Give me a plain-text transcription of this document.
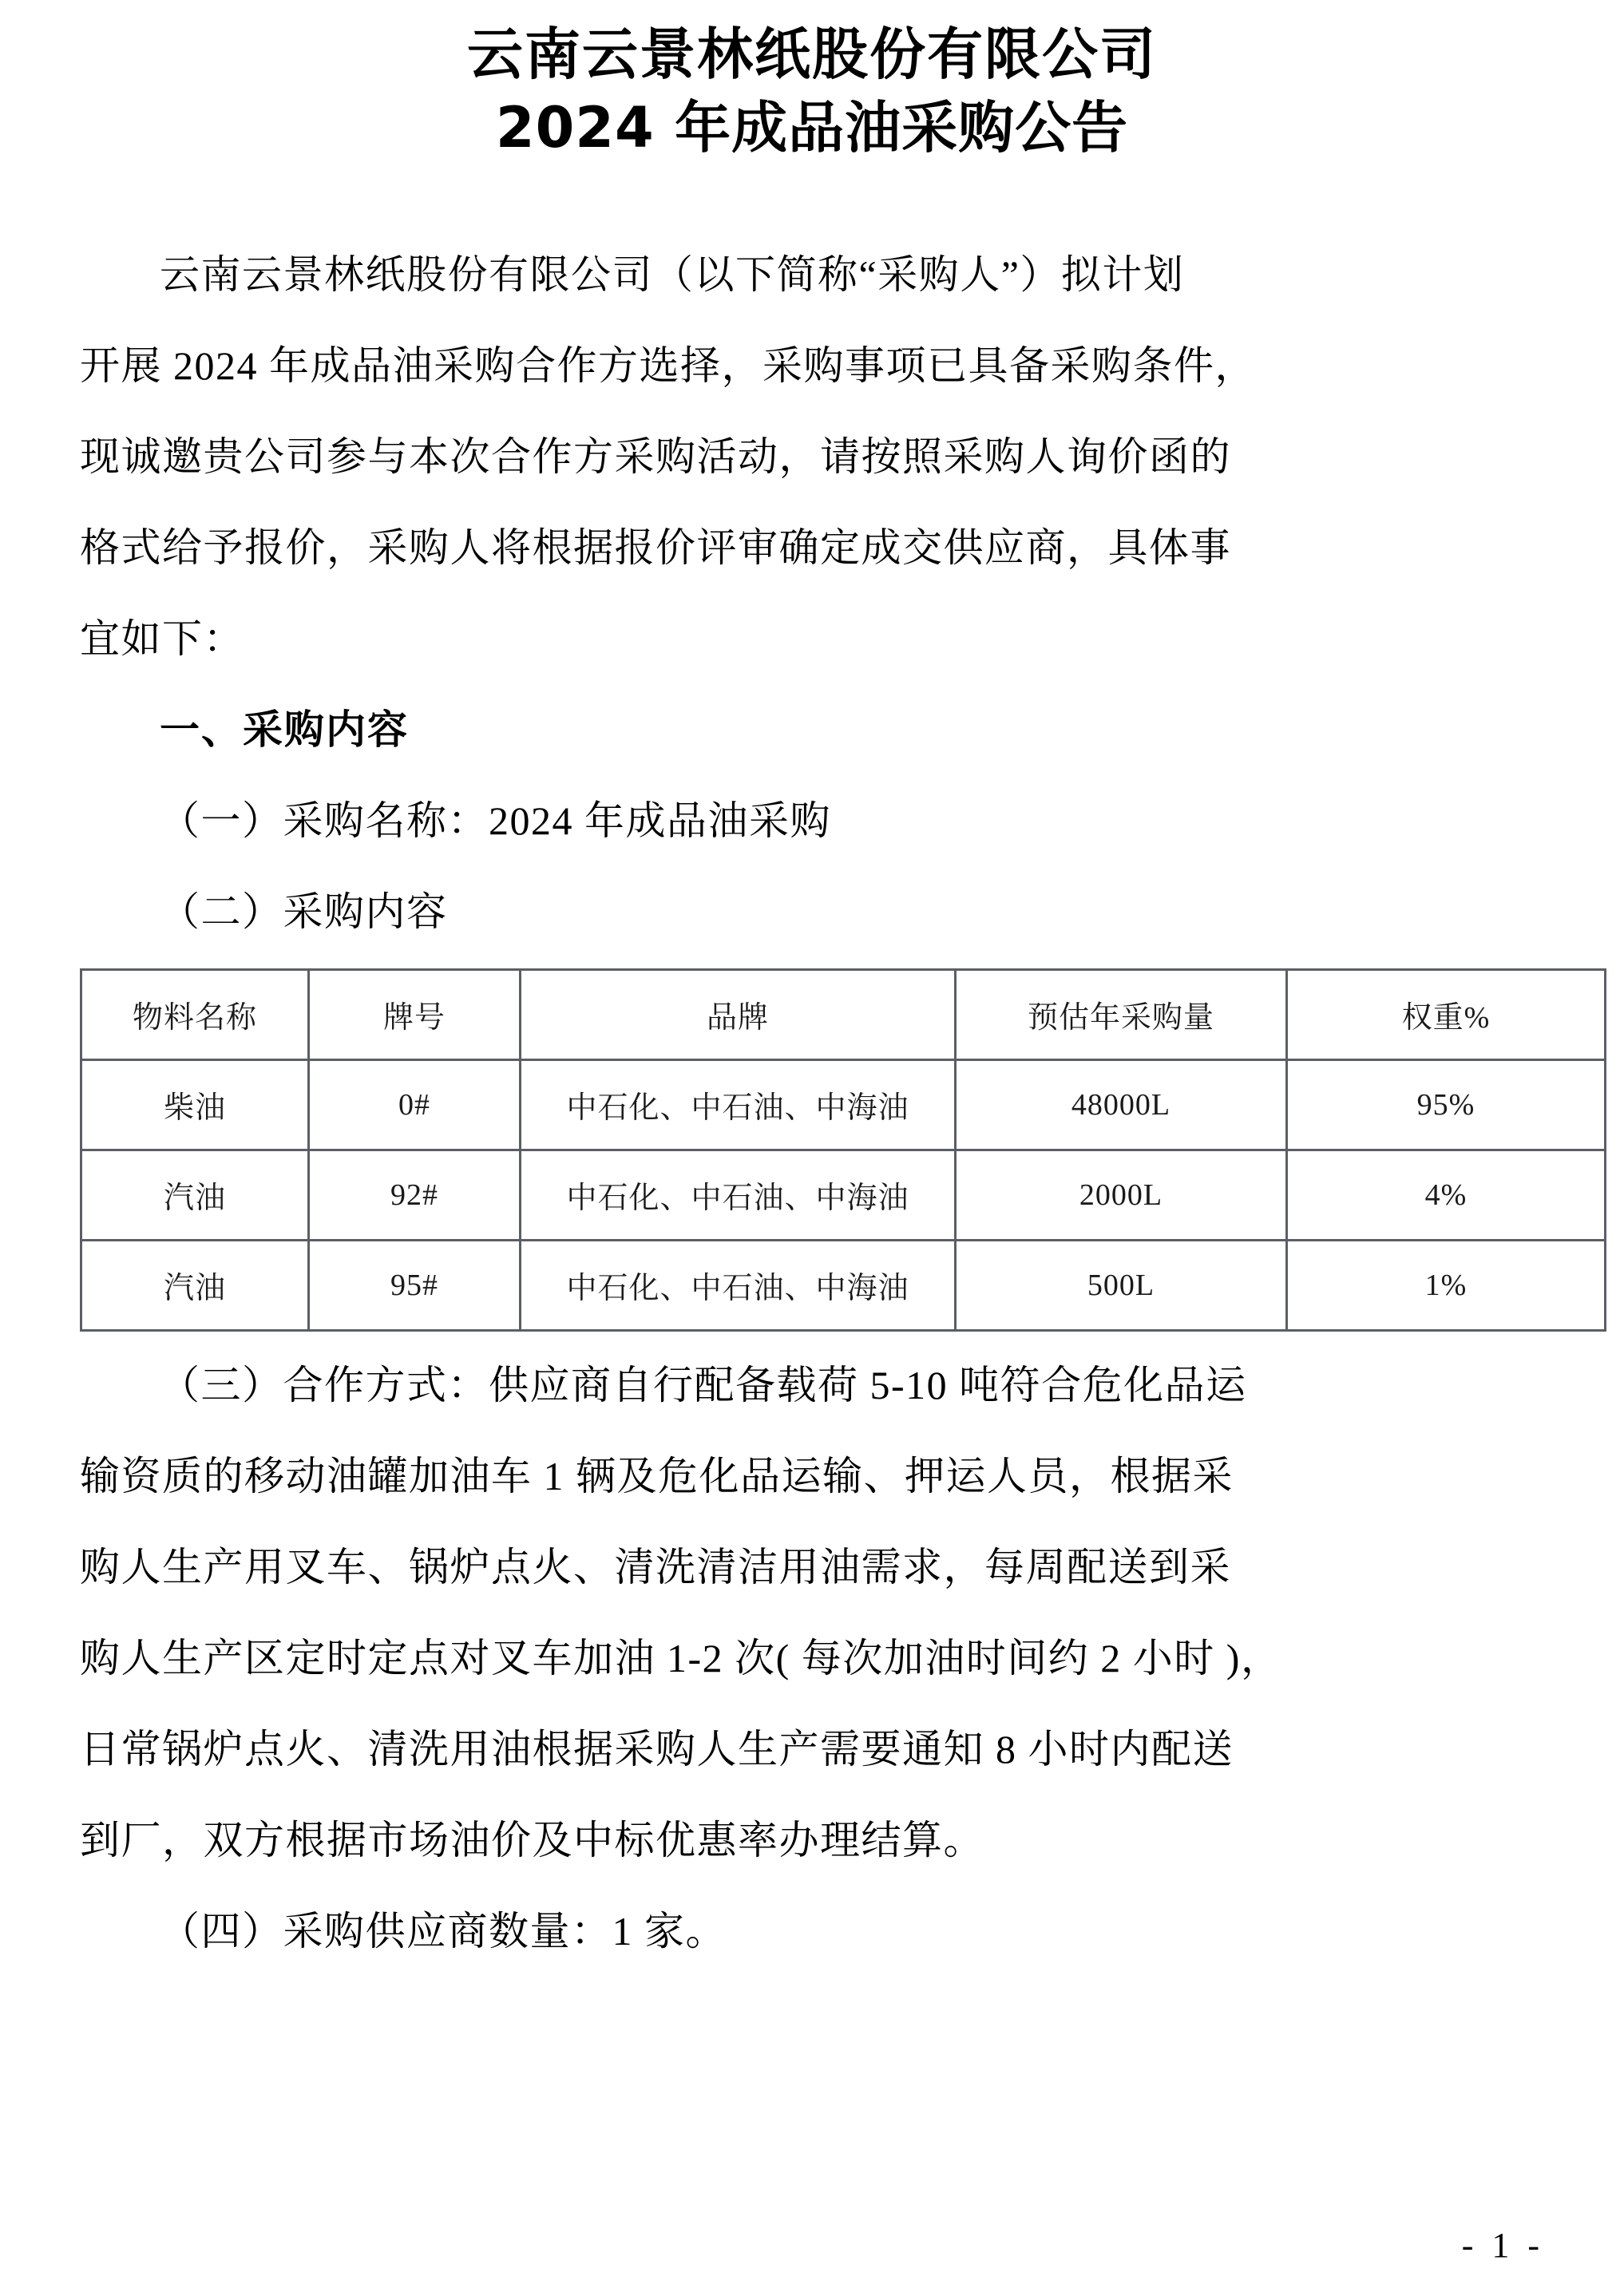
云南云景林纸股份有限公司
2024 年成品油采购公告

云南云景林纸股份有限公司（以下简称“采购人”）拟计划

开展 2024 年成品油采购合作方选择，采购事项已具备采购条件，

现诚邀贵公司参与本次合作方采购活动，请按照采购人询价函的

格式给予报价，采购人将根据报价评审确定成交供应商，具体事

宜如下：

一、采购内容

（一）采购名称：2024 年成品油采购

（二）采购内容

物料名称	牌号	品牌	预估年采购量	权重%
柴油	0#	中石化、中石油、中海油	48000L	95%
汽油	92#	中石化、中石油、中海油	2000L	4%
汽油	95#	中石化、中石油、中海油	500L	1%

（三）合作方式：供应商自行配备载荷 5-10 吨符合危化品运

输资质的移动油罐加油车 1 辆及危化品运输、押运人员，根据采

购人生产用叉车、锅炉点火、清洗清洁用油需求，每周配送到采

购人生产区定时定点对叉车加油 1-2 次( 每次加油时间约 2 小时 )，

日常锅炉点火、清洗用油根据采购人生产需要通知 8 小时内配送

到厂，双方根据市场油价及中标优惠率办理结算。

（四）采购供应商数量：1 家。

- 1 -
